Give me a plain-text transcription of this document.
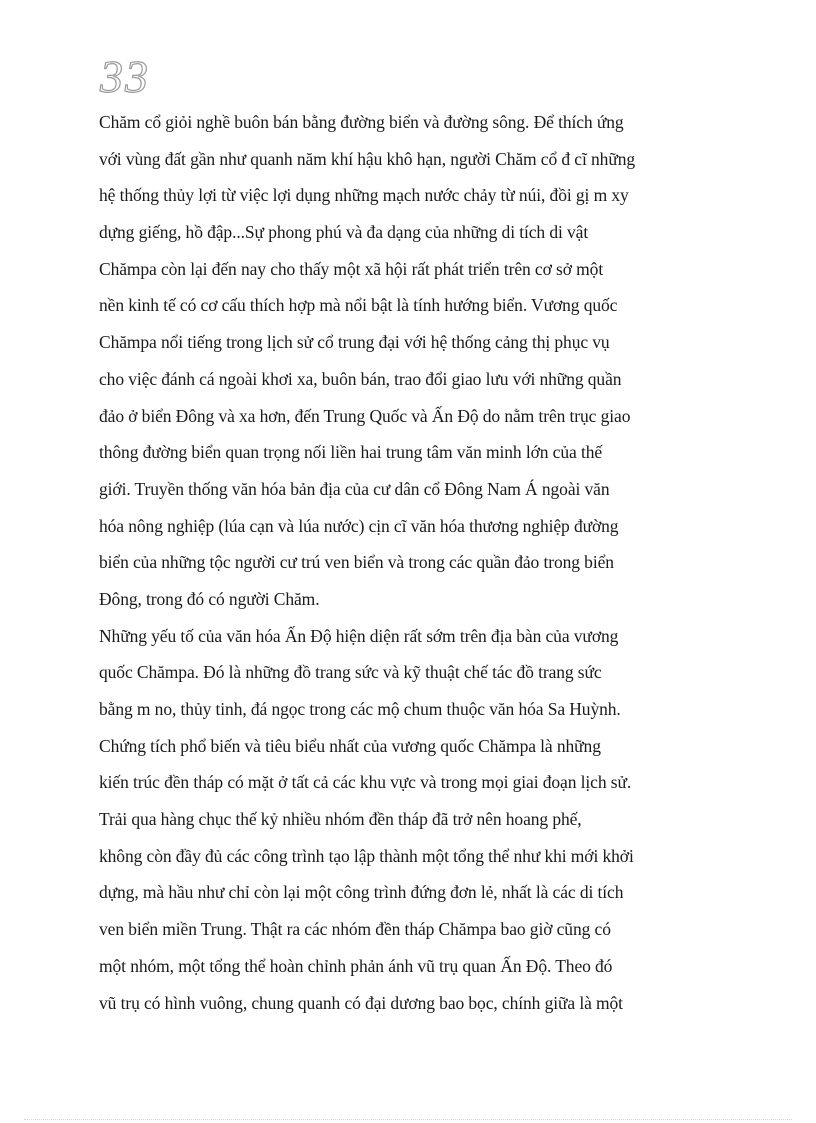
33
Chăm cổ giỏi nghề buôn bán bằng đường biển và đường sông. Để thích ứng
với vùng đất gần như quanh năm khí hậu khô hạn, người Chăm cổ đ cĩ những
hệ thống thủy lợi từ việc lợi dụng những mạch nước chảy từ núi, đồi gị m xy
dựng giếng, hồ đập...Sự phong phú và đa dạng của những di tích di vật
Chămpa còn lại đến nay cho thấy một xã hội rất phát triển trên cơ sở một
nền kinh tế có cơ cấu thích hợp mà nổi bật là tính hướng biển. Vương quốc
Chămpa nổi tiếng trong lịch sử cổ trung đại với hệ thống cảng thị phục vụ
cho việc đánh cá ngoài khơi xa, buôn bán, trao đổi giao lưu với những quần
đảo ở biển Đông và xa hơn, đến Trung Quốc và Ấn Độ do nằm trên trục giao
thông đường biển quan trọng nối liền hai trung tâm văn minh lớn của thế
giới. Truyền thống văn hóa bản địa của cư dân cổ Đông Nam Á ngoài văn
hóa nông nghiệp (lúa cạn và lúa nước) cịn cĩ văn hóa thương nghiệp đường
biển của những tộc người cư trú ven biển và trong các quần đảo trong biển
Đông, trong đó có người Chăm.
Những yếu tố của văn hóa Ấn Độ hiện diện rất sớm trên địa bàn của vương
quốc Chămpa. Đó là những đồ trang sức và kỹ thuật chế tác đồ trang sức
bằng m no, thủy tinh, đá ngọc trong các mộ chum thuộc văn hóa Sa Huỳnh.
Chứng tích phổ biến và tiêu biểu nhất của vương quốc Chămpa là những
kiến trúc đền tháp có mặt ở tất cả các khu vực và trong mọi giai đoạn lịch sử.
Trải qua hàng chục thế kỷ nhiều nhóm đền tháp đã trở nên hoang phế,
không còn đầy đủ các công trình tạo lập thành một tổng thể như khi mới khởi
dựng, mà hầu như chỉ còn lại một công trình đứng đơn lẻ, nhất là các di tích
ven biển miền Trung. Thật ra các nhóm đền tháp Chămpa bao giờ cũng có
một nhóm, một tổng thể hoàn chỉnh phản ánh vũ trụ quan Ấn Độ. Theo đó
vũ trụ có hình vuông, chung quanh có đại dương bao bọc, chính giữa là một
